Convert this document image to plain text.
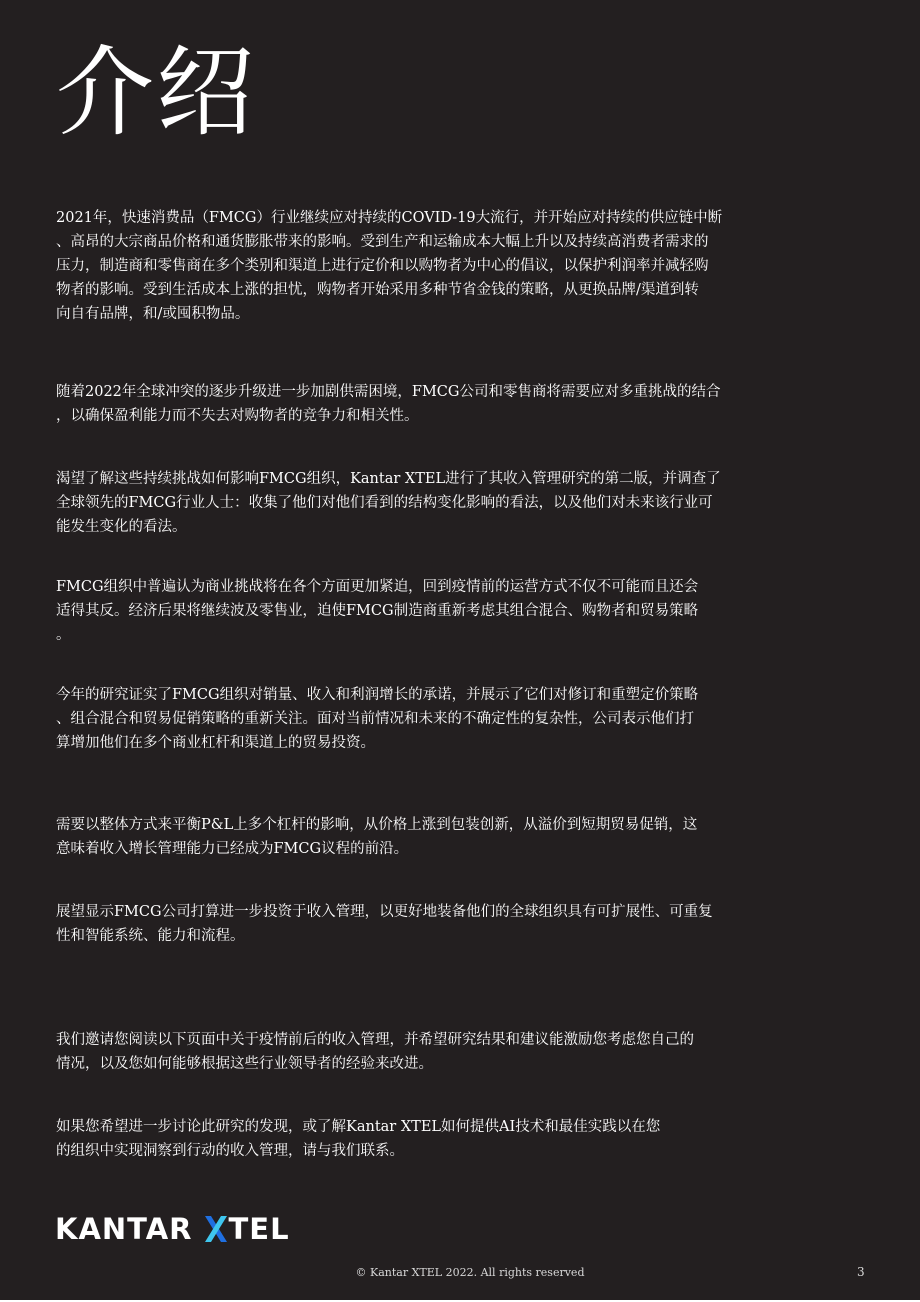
介绍

2021年，快速消费品（FMCG）行业继续应对持续的COVID-19大流行，并开始应对持续的供应链中断
、高昂的大宗商品价格和通货膨胀带来的影响。受到生产和运输成本大幅上升以及持续高消费者需求的
压力，制造商和零售商在多个类别和渠道上进行定价和以购物者为中心的倡议，以保护利润率并减轻购
物者的影响。受到生活成本上涨的担忧，购物者开始采用多种节省金钱的策略，从更换品牌/渠道到转
向自有品牌，和/或囤积物品。

随着2022年全球冲突的逐步升级进一步加剧供需困境，FMCG公司和零售商将需要应对多重挑战的结合
，以确保盈利能力而不失去对购物者的竞争力和相关性。

渴望了解这些持续挑战如何影响FMCG组织，Kantar XTEL进行了其收入管理研究的第二版，并调查了
全球领先的FMCG行业人士：收集了他们对他们看到的结构变化影响的看法，以及他们对未来该行业可
能发生变化的看法。

FMCG组织中普遍认为商业挑战将在各个方面更加紧迫，回到疫情前的运营方式不仅不可能而且还会
适得其反。经济后果将继续波及零售业，迫使FMCG制造商重新考虑其组合混合、购物者和贸易策略
。

今年的研究证实了FMCG组织对销量、收入和利润增长的承诺，并展示了它们对修订和重塑定价策略
、组合混合和贸易促销策略的重新关注。面对当前情况和未来的不确定性的复杂性，公司表示他们打
算增加他们在多个商业杠杆和渠道上的贸易投资。

需要以整体方式来平衡P&L上多个杠杆的影响，从价格上涨到包装创新，从溢价到短期贸易促销，这
意味着收入增长管理能力已经成为FMCG议程的前沿。

展望显示FMCG公司打算进一步投资于收入管理，以更好地装备他们的全球组织具有可扩展性、可重复
性和智能系统、能力和流程。

我们邀请您阅读以下页面中关于疫情前后的收入管理，并希望研究结果和建议能激励您考虑您自己的
情况，以及您如何能够根据这些行业领导者的经验来改进。

如果您希望进一步讨论此研究的发现，或了解Kantar XTEL如何提供AI技术和最佳实践以在您
的组织中实现洞察到行动的收入管理，请与我们联系。

KANTAR TEL
© Kantar XTEL 2022. All rights reserved	3
